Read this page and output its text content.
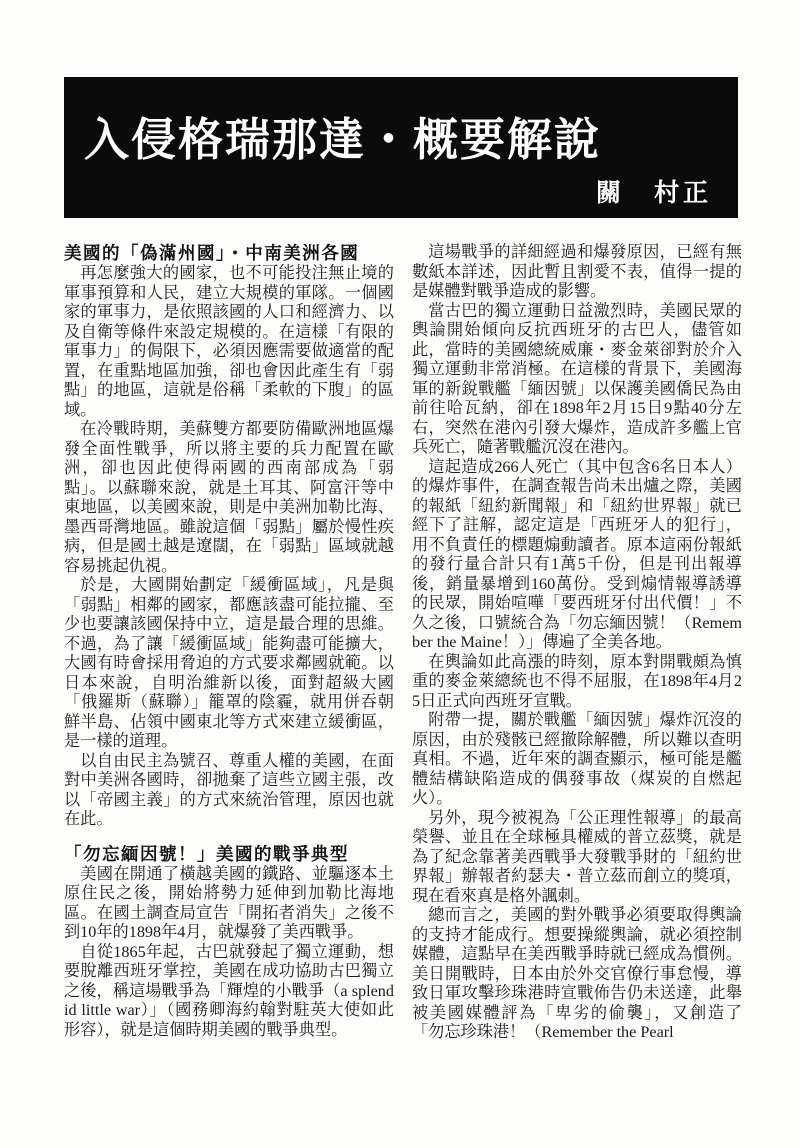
入侵格瑞那達・概要解說
關　村正
美國的「偽滿州國」・中南美洲各國

再怎麼強大的國家，也不可能投注無止境的軍事預算和人民，建立大規模的軍隊。一個國家的軍事力，是依照該國的人口和經濟力、以及自衛等條件來設定規模的。在這樣「有限的軍事力」的侷限下，必須因應需要做適當的配置，在重點地區加強，卻也會因此產生有「弱點」的地區，這就是俗稱「柔軟的下腹」的區域。

在冷戰時期，美蘇雙方都要防備歐洲地區爆發全面性戰爭，所以將主要的兵力配置在歐洲，卻也因此使得兩國的西南部成為「弱點」。以蘇聯來說，就是土耳其、阿富汗等中東地區，以美國來說，則是中美洲加勒比海、墨西哥灣地區。雖說這個「弱點」屬於慢性疾病，但是國土越是遼闊，在「弱點」區域就越容易挑起仇視。

於是，大國開始劃定「緩衝區域」，凡是與「弱點」相鄰的國家，都應該盡可能拉攏、至少也要讓該國保持中立，這是最合理的思維。不過，為了讓「緩衝區域」能夠盡可能擴大，大國有時會採用脅迫的方式要求鄰國就範。以日本來說，自明治維新以後，面對超級大國「俄羅斯（蘇聯）」籠罩的陰霾，就用併吞朝鮮半島、佔領中國東北等方式來建立緩衝區，是一樣的道理。

以自由民主為號召、尊重人權的美國，在面對中美洲各國時，卻拋棄了這些立國主張，改以「帝國主義」的方式來統治管理，原因也就在此。

「勿忘緬因號！」美國的戰爭典型

美國在開通了橫越美國的鐵路、並驅逐本土原住民之後，開始將勢力延伸到加勒比海地區。在國土調查局宣告「開拓者消失」之後不到10年的1898年4月，就爆發了美西戰爭。

自從1865年起，古巴就發起了獨立運動，想要脫離西班牙掌控，美國在成功協助古巴獨立之後，稱這場戰爭為「輝煌的小戰爭（a splendid little war）」（國務卿海約翰對駐英大使如此形容），就是這個時期美國的戰爭典型。

這場戰爭的詳細經過和爆發原因，已經有無數紙本詳述，因此暫且割愛不表，值得一提的是媒體對戰爭造成的影響。

當古巴的獨立運動日益激烈時，美國民眾的輿論開始傾向反抗西班牙的古巴人，儘管如此，當時的美國總統威廉・麥金萊卻對於介入獨立運動非常消極。在這樣的背景下，美國海軍的新銳戰艦「緬因號」以保護美國僑民為由前往哈瓦納，卻在1898年2月15日9點40分左右，突然在港內引發大爆炸，造成許多艦上官兵死亡，隨著戰艦沉沒在港內。

這起造成266人死亡（其中包含6名日本人）的爆炸事件，在調查報告尚未出爐之際，美國的報紙「紐約新聞報」和「紐約世界報」就已經下了註解，認定這是「西班牙人的犯行」，用不負責任的標題煽動讀者。原本這兩份報紙的發行量合計只有1萬5千份，但是刊出報導後，銷量暴增到160萬份。受到煽情報導誘導的民眾，開始喧嘩「要西班牙付出代價！」不久之後，口號統合為「勿忘緬因號！（Remember the Maine！）」傳遍了全美各地。

在輿論如此高漲的時刻，原本對開戰頗為慎重的麥金萊總統也不得不屈服，在1898年4月25日正式向西班牙宣戰。

附帶一提，關於戰艦「緬因號」爆炸沉沒的原因，由於殘骸已經撤除解體，所以難以查明真相。不過，近年來的調查顯示，極可能是艦體結構缺陷造成的偶發事故（煤炭的自燃起火）。

另外，現今被視為「公正理性報導」的最高榮譽、並且在全球極具權威的普立茲獎，就是為了紀念靠著美西戰爭大發戰爭財的「紐約世界報」辦報者約瑟夫・普立茲而創立的獎項，現在看來真是格外諷刺。

總而言之，美國的對外戰爭必須要取得輿論的支持才能成行。想要操縱輿論，就必須控制媒體，這點早在美西戰爭時就已經成為慣例。美日開戰時，日本由於外交官僚行事怠慢，導致日軍攻擊珍珠港時宣戰佈告仍未送達，此舉被美國媒體評為「卑劣的偷襲」，又創造了「勿忘珍珠港！（Remember the Pearl
